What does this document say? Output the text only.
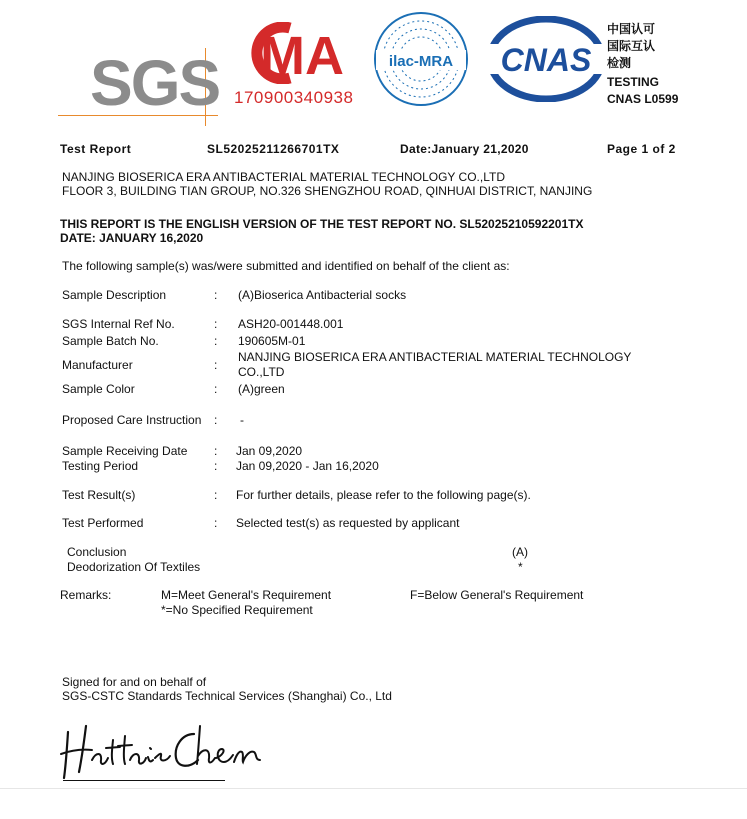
SGS MA
170900340938
ilac-MRA CNAS
中国认可
国际互认
检测
TESTING
CNAS L0599
Test Report	SL52025211266701TX	Date:January 21,2020	Page 1 of 2
NANJING BIOSERICA ERA ANTIBACTERIAL MATERIAL TECHNOLOGY CO.,LTD
FLOOR 3, BUILDING TIAN GROUP, NO.326 SHENGZHOU ROAD, QINHUAI DISTRICT, NANJING
THIS REPORT IS THE ENGLISH VERSION OF THE TEST REPORT NO. SL52025210592201TX
DATE: JANUARY 16,2020
The following sample(s) was/were submitted and identified on behalf of the client as:
Sample Description	: (A)Bioserica Antibacterial socks
SGS Internal Ref No.	: ASH20-001448.001
Sample Batch No.	: 190605M-01
Manufacturer	:
NANJING BIOSERICA ERA ANTIBACTERIAL MATERIAL TECHNOLOGY
CO.,LTD
Sample Color	: (A)green
Proposed Care Instruction : -
Sample Receiving Date : Jan 09,2020
Testing Period	: Jan 09,2020 - Jan 16,2020
Test Result(s)	: For further details, please refer to the following page(s).
Test Performed	: Selected test(s) as requested by applicant
Conclusion	(A)
Deodorization Of Textiles	*
Remarks:	M=Meet General's Requirement	F=Below General's Requirement
*=No Specified Requirement
Signed for and on behalf of
SGS-CSTC Standards Technical Services (Shanghai) Co., Ltd
